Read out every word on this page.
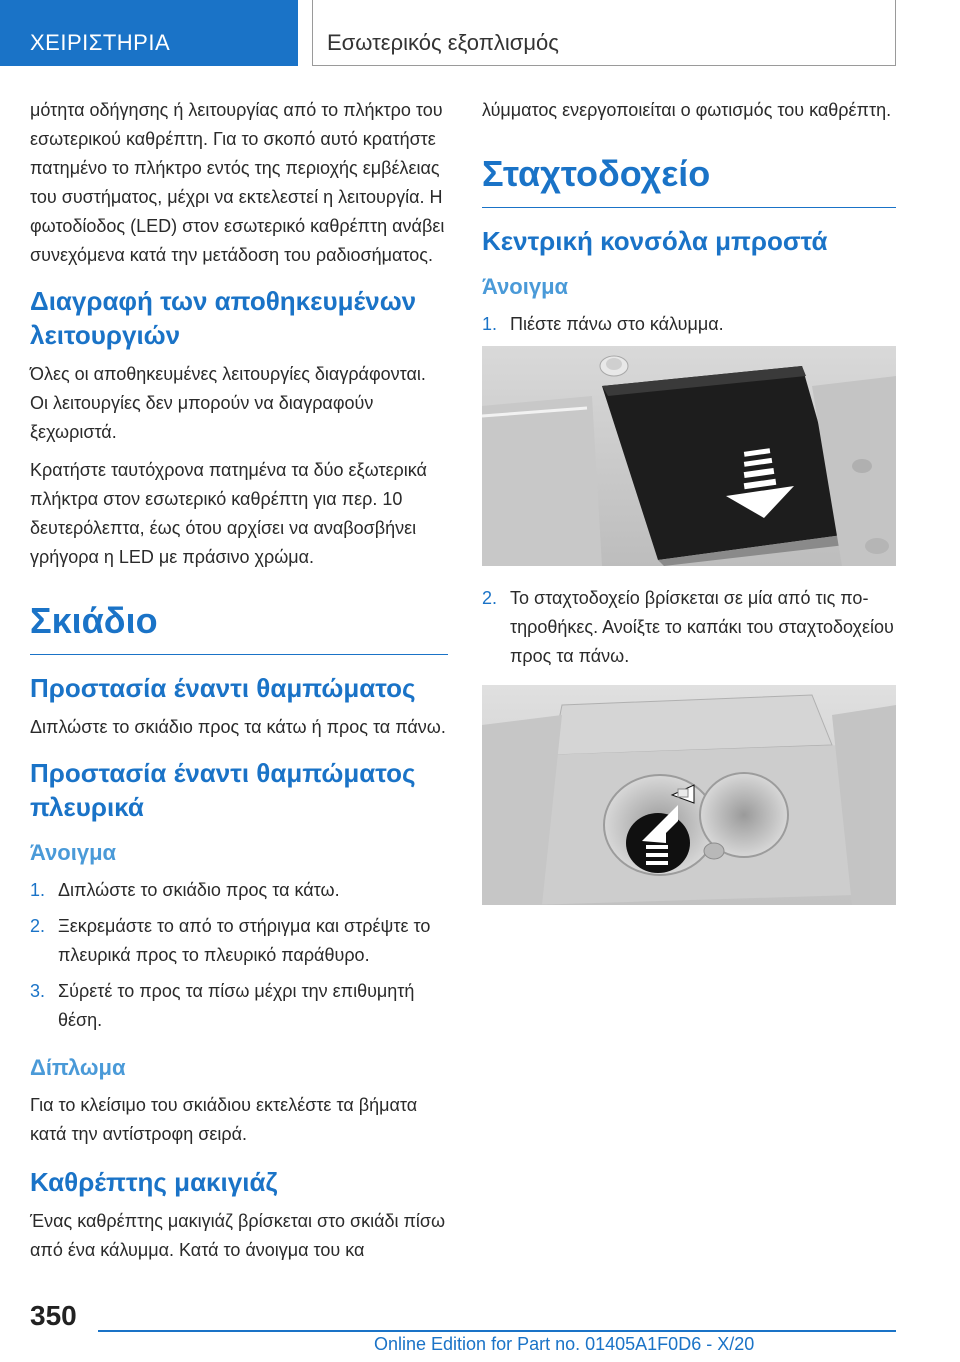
ΧΕΙΡΙΣΤΗΡΙΑ	Εσωτερικός εξοπλισμός

μότητα οδήγησης ή λειτουργίας από το πλήκτρο του εσωτερικού καθρέπτη. Για το σκοπό αυτό κρατήστε πατημένο το πλήκτρο εντός της περιοχής εμβέλειας του συστήματος, μέχρι να εκτελεστεί η λειτουργία. Η φωτοδίοδος (LED) στον εσωτερικό καθρέπτη ανάβει συνεχόμενα κατά την μετάδοση του ραδιοσήματος.

Διαγραφή των αποθηκευμένων λειτουργιών

Όλες οι αποθηκευμένες λειτουργίες διαγράφονται. Οι λειτουργίες δεν μπορούν να διαγραφούν ξεχωριστά.

Κρατήστε ταυτόχρονα πατημένα τα δύο εξωτερικά πλήκτρα στον εσωτερικό καθρέπτη για περ. 10 δευτερόλεπτα, έως ότου αρχίσει να αναβοσβήνει γρήγορα η LED με πράσινο χρώμα.

Σκιάδιο
Προστασία έναντι θαμπώματος

Διπλώστε το σκιάδιο προς τα κάτω ή προς τα πάνω.

Προστασία έναντι θαμπώματος πλευρικά
Άνοιγμα
1. Διπλώστε το σκιάδιο προς τα κάτω.
2. Ξεκρεμάστε το από το στήριγμα και στρέψτε το πλευρικά προς το πλευρικό παράθυρο.
3. Σύρετέ το προς τα πίσω μέχρι την επιθυμητή θέση.
Δίπλωμα

Για το κλείσιμο του σκιάδιου εκτελέστε τα βήματα κατά την αντίστροφη σειρά.

Καθρέπτης μακιγιάζ

Ένας καθρέπτης μακιγιάζ βρίσκεται στο σκιάδι πίσω από ένα κάλυμμα. Κατά το άνοιγμα του κα

λύμματος ενεργοποιείται ο φωτισμός του καθρέπτη.

Σταχτοδοχείο
Κεντρική κονσόλα μπροστά
Άνοιγμα
1. Πιέστε πάνω στο κάλυμμα.
2. Το σταχτοδοχείο βρίσκεται σε μία από τις ποτηροθήκες. Ανοίξτε το καπάκι του σταχτοδοχείου προς τα πάνω.
350
Online Edition for Part no. 01405A1F0D6 - X/20
